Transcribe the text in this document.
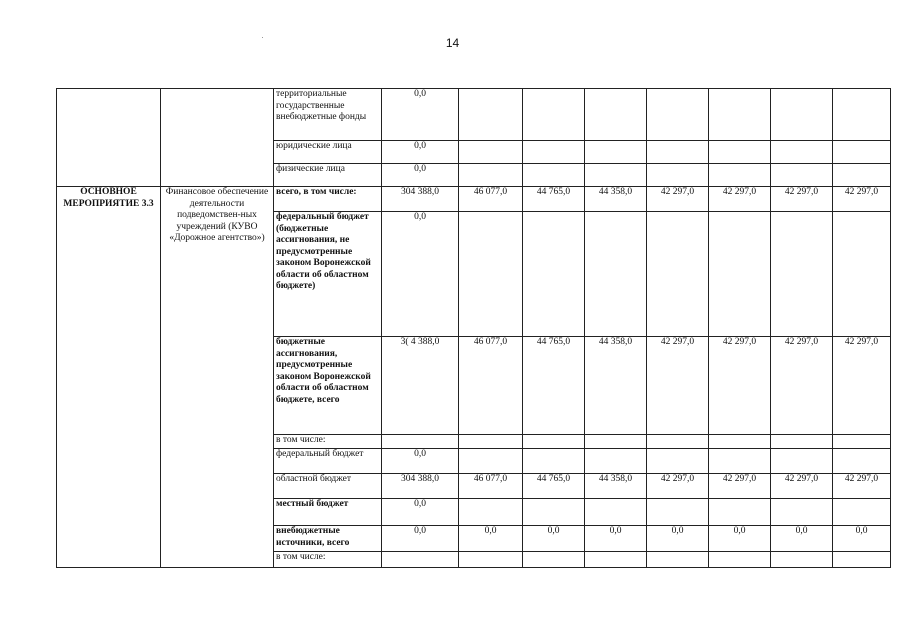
14
		территориальные государственные внебюджетные фонды	0,0							
		юридические лица	0,0							
		физические лица	0,0							
ОСНОВНОЕ МЕРОПРИЯТИЕ 3.3	Финансовое обеспечение деятельности подведомствен-ных учреждений (КУВО «Дорожное агентство»)	всего, в том числе:	304 388,0	46 077,0	44 765,0	44 358,0	42 297,0	42 297,0	42 297,0	42 297,0
		федеральный бюджет (бюджетные ассигнования, не предусмотренные законом Воронежской области об областном бюджете)	0,0							
		бюджетные ассигнования, предусмотренные законом Воронежской области об областном бюджете, всего	3( 4 388,0	46 077,0	44 765,0	44 358,0	42 297,0	42 297,0	42 297,0	42 297,0
		в том числе:								
		федеральный бюджет	0,0							
		областной бюджет	304 388,0	46 077,0	44 765,0	44 358,0	42 297,0	42 297,0	42 297,0	42 297,0
		местный бюджет	0,0							
		внебюджетные источники, всего	0,0	0,0	0,0	0,0	0,0	0,0	0,0	0,0
		в том числе:								
